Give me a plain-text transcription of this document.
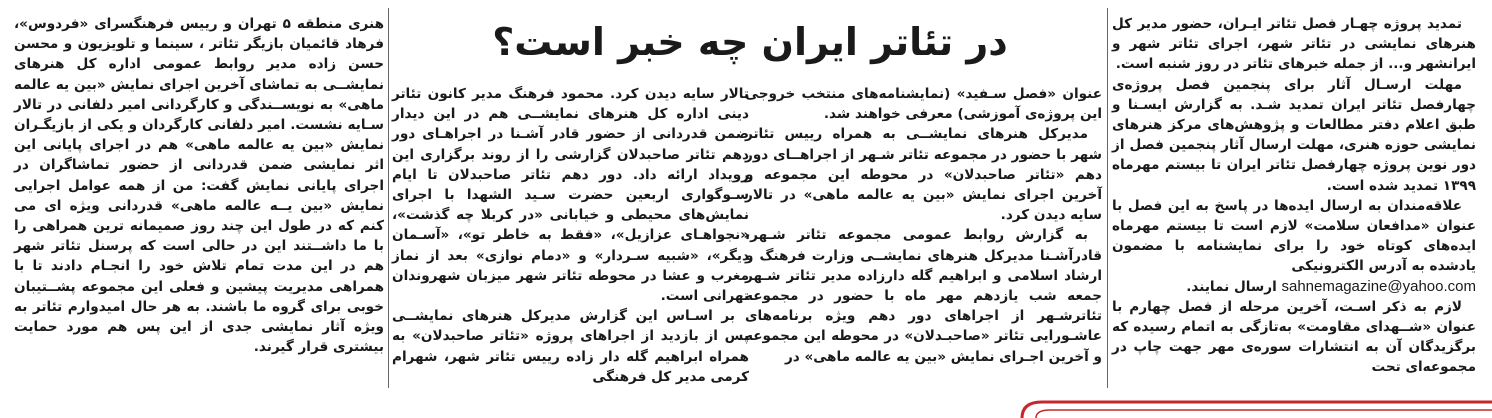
در تئاتر ایران چه خبر است؟	تمدید پروژه چهـار فصل تئاتر ایـران، حضور مدیر کل هنرهای نمایشی در تئاتر شهر، اجرای تئاتر شهر و ایرانشهر و... از جمله خبرهای تئاتر در روز شنبه است.

مهلت ارسـال آثار برای پنجمین فصل پروژه‌ی چهارفصل تئاتر ایران تمدید شـد. به گزارش ایسـنا و طبق اعلام دفتر مطالعات و پژوهش‌های مرکز هنرهای نمایشی حوزه هنری، مهلت ارسال آثار پنجمین فصل از دور نوین پروژه چهارفصل تئاتر ایران تا بیستم مهرماه ۱۳۹۹ تمدید شده است.

علاقه‌مندان به ارسال ایده‌ها در پاسخ به این فصل با عنوان «مدافعان سلامت» لازم است تا بیستم مهرماه ایده‌های کوتاه خود را برای نمایشنامه با مضمون یادشده به آدرس الکترونیکی

sahnemagazine@yahoo.com ارسال نمایند.

لازم به ذکر اسـت، آخرین مرحله از فصل چهارم با عنوان «شــهدای مقاومت» به‌تازگی به اتمام رسیده که برگزیدگان آن به انتشارات سوره‌ی مهر جهت چاپ در مجموعه‌ای تحت

عنوان «فصل سـفید» (نمایشنامه‌های منتخب خروجی این پروژه‌ی آموزشی) معرفی خواهند شد.

مدیرکل هنرهای نمایشــی به همراه رییس تئاتر شهر با حضور در مجموعه تئاتر شـهر از اجراهــای دور دهم «تئاتر صاحبدلان» در محوطه این مجموعه و آخرین اجرای نمایش «بین یه عالمه ماهی» در تالار سایه دیدن کرد.

به گزارش روابط عمومی مجموعه تئاتر شـهر، قادرآشـنا مدیرکل هنرهای نمایشــی وزارت فرهنگ و ارشاد اسلامی و ابراهیم گله دارزاده مدیر تئاتر شـهر جمعه شب یازدهم مهر ماه با حضور در مجموعه تئاترشـهر از اجراهای دور دهم ویژه برنامه‌های عاشـورایی تئاتر «صاحبـدلان» در محوطه این مجموعه و آخرین اجـرای نمایش «بین یه عالمه ماهی» در

تالار سایه دیدن کرد. محمود فرهنگ مدیر کانون تئاتر دینی اداره کل هنرهای نمایشــی هم در این دیدار ضمن قدردانی از حضور قادر آشـنا در اجراهـای دور دهم تئاتر صاحبدلان گزارشی را از روند برگزاری این رویداد ارائه داد. دور دهم تئاتر صاحبدلان تا ایام سـوگواری اربعین حضرت سـید الشهدا با اجرای نمایش‌های محیطی و خیابانی «در کربلا چه گذشت»، «نجواهـای عزازیل»، «فقط به خاطر تو»، «آسـمان دیگر»، «شبیه سـردار» و «دمام نوازی» بعد از نماز مغرب و عشا در محوطه تئاتر شهر میزبان شهروندان تهرانی است.

بر اسـاس این گزارش مدیرکل هنرهای نمایشــی پس از بازدید از اجراهای پروژه «تئاتر صاحبدلان» به همراه ابراهیم گله دار زاده رییس تئاتر شهر، شهرام کرمی مدیر کل فرهنگی

هنری منطقه ۵ تهران و رییس فرهنگسرای «فردوس»، فرهاد قائمیان بازیگر تئاتر ، سینما و تلویزیون و محسن حسن زاده مدیر روابط عمومی اداره کل هنرهای نمایشــی به تماشای آخرین اجرای نمایش «بین یه عالمه ماهی» به نویســندگی و کارگردانی امیر دلفانی در تالار سـایه نشست. امیر دلفانی کارگردان و یکی از بازیگـران نمایش «بین یه عالمه ماهی» هم در اجرای پایانی این اثر نمایشی ضمن قدردانی از حضور تماشاگران در اجرای پایانی نمایش گفت: من از همه عوامل اجرایی نمایش «بین یــه عالمه ماهی» قدردانی ویژه ای می کنم که در طول این چند روز صمیمانه ترین همراهی را با ما داشــتند این در حالی است که پرسنل تئاتر شهر هم در این مدت تمام تلاش خود را انجـام دادند تا با همراهی مدیریت پیشین و فعلی این مجموعه پشــتیبان خوبی برای گروه ما باشند. به هر حال امیدوارم تئاتر به ویژه آثار نمایشی جدی از این پس هم مورد حمایت بیشتری قرار گیرند.
